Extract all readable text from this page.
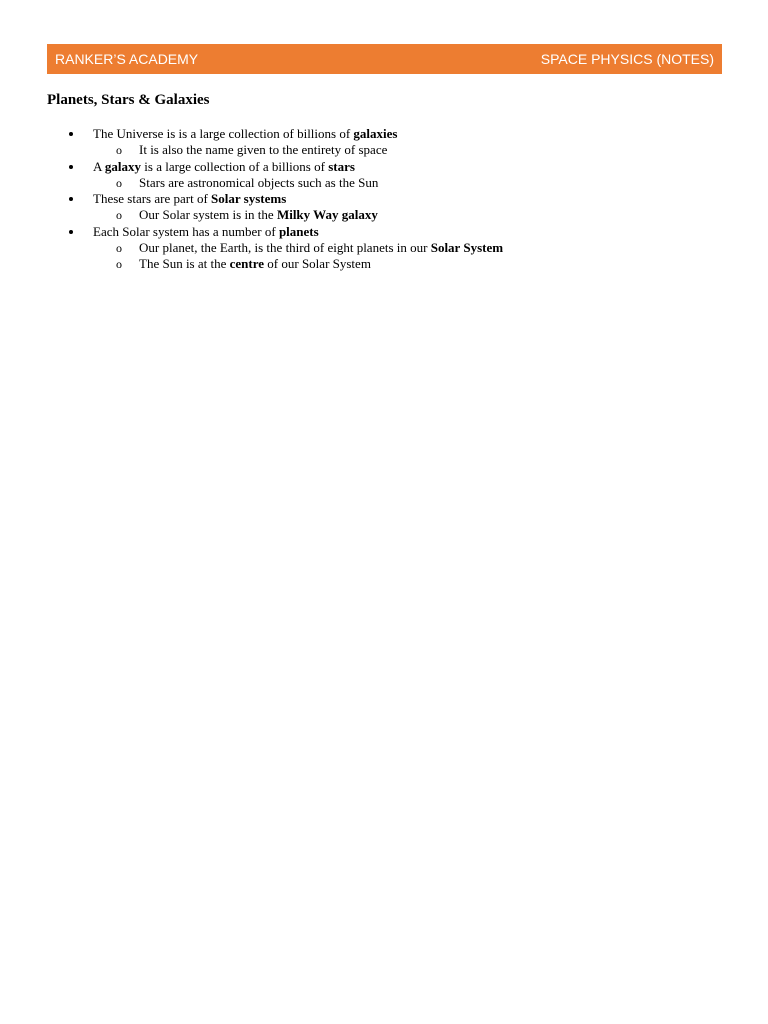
RANKER’S ACADEMY	SPACE PHYSICS (NOTES)
Planets, Stars & Galaxies
The Universe is is a large collection of billions of galaxies
o It is also the name given to the entirety of space
A galaxy is a large collection of a billions of stars
o Stars are astronomical objects such as the Sun
These stars are part of Solar systems
o Our Solar system is in the Milky Way galaxy
Each Solar system has a number of planets
o Our planet, the Earth, is the third of eight planets in our Solar System
o The Sun is at the centre of our Solar System
